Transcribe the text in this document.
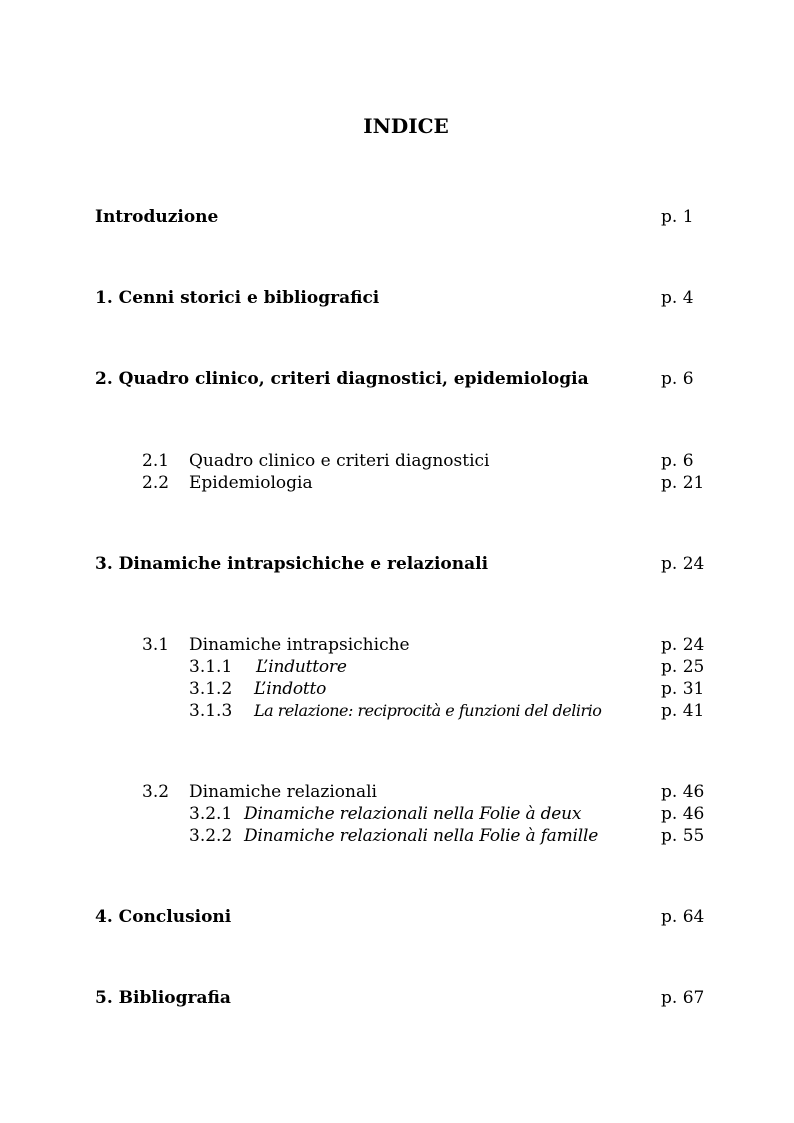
INDICE
Introduzione	p. 1
1. Cenni storici e bibliografici	p. 4
2. Quadro clinico, criteri diagnostici, epidemiologia	p. 6
2.1 Quadro clinico e criteri diagnostici	p. 6
2.2 Epidemiologia	p. 21
3. Dinamiche intrapsichiche e relazionali	p. 24
3.1 Dinamiche intrapsichiche	p. 24
3.1.1 L’induttore	p. 25
3.1.2 L’indotto	p. 31
3.1.3 La relazione: reciprocità e funzioni del delirio	p. 41
3.2 Dinamiche relazionali	p. 46
3.2.1 Dinamiche relazionali nella Folie à deux	p. 46
3.2.2 Dinamiche relazionali nella Folie à famille	p. 55
4. Conclusioni	p. 64
5. Bibliografia	p. 67
